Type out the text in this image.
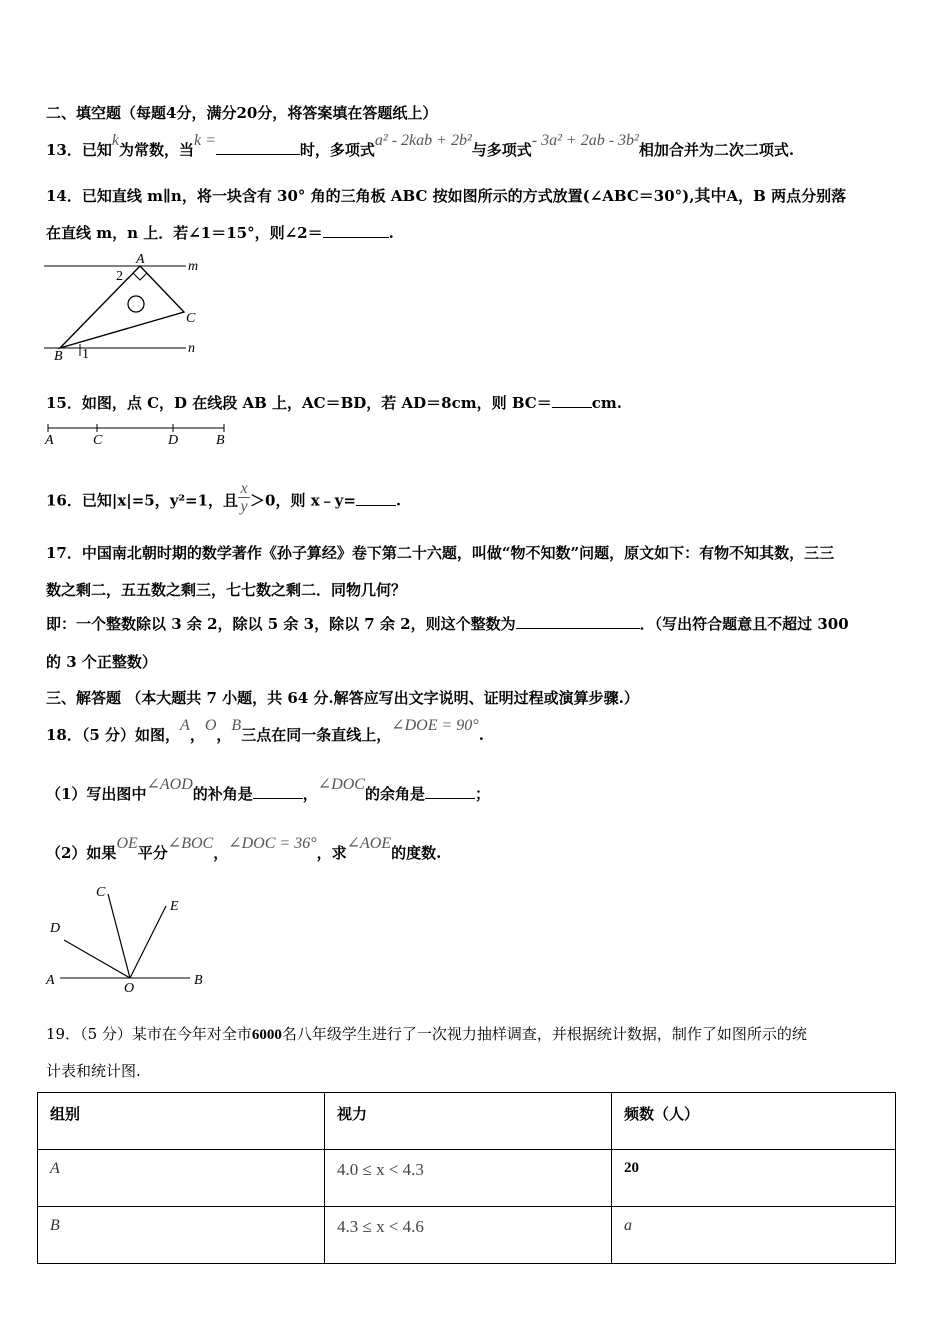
二、填空题（每题4分，满分20分，将答案填在答题纸上）
13．已知k为常数，当k =时，多项式a² - 2kab + 2b²与多项式- 3a² + 2ab - 3b²相加合并为二次二项式.
14．已知直线 m∥n，将一块含有 30° 角的三角板 ABC 按如图所示的方式放置(∠ABC＝30°),其中A，B 两点分别落
在直线 m，n 上．若∠1＝15°，则∠2＝	.
m
n
A
B
C
1
2
15．如图，点 C，D 在线段 AB 上，AC＝BD，若 AD＝8cm，则 BC＝	cm.
A	C	D	B
16．已知|x|=5，y²=1，且 $\frac{x}{y} >0$，则 x﹣y=	.
17．中国南北朝时期的数学著作《孙子算经》卷下第二十六题，叫做“物不知数”问题，原文如下：有物不知其数，三三
数之剩二，五五数之剩三，七七数之剩二．同物几何？
即：一个整数除以 3 余 2，除以 5 余 3，除以 7 余 2，则这个整数为	．（写出符合题意且不超过 300
的 3 个正整数）
三、解答题 （本大题共 7 小题，共 64 分.解答应写出文字说明、证明过程或演算步骤.）
18．（5 分）如图，A，O，B三点在同一条直线上，∠DOE = 90°.
（1）写出图中∠AOD的补角是	，∠DOC的余角是	；
（2）如果OE平分∠BOC，∠DOC = 36°，求∠AOE的度数.
A
O
B
C
D
E
19．（5 分）某市在今年对全市6000名八年级学生进行了一次视力抽样调查，并根据统计数据，制作了如图所示的统
计表和统计图.
组别	视力	频数（人）
A	4.0 ≤ x < 4.3	20
B	4.3 ≤ x < 4.6	a
